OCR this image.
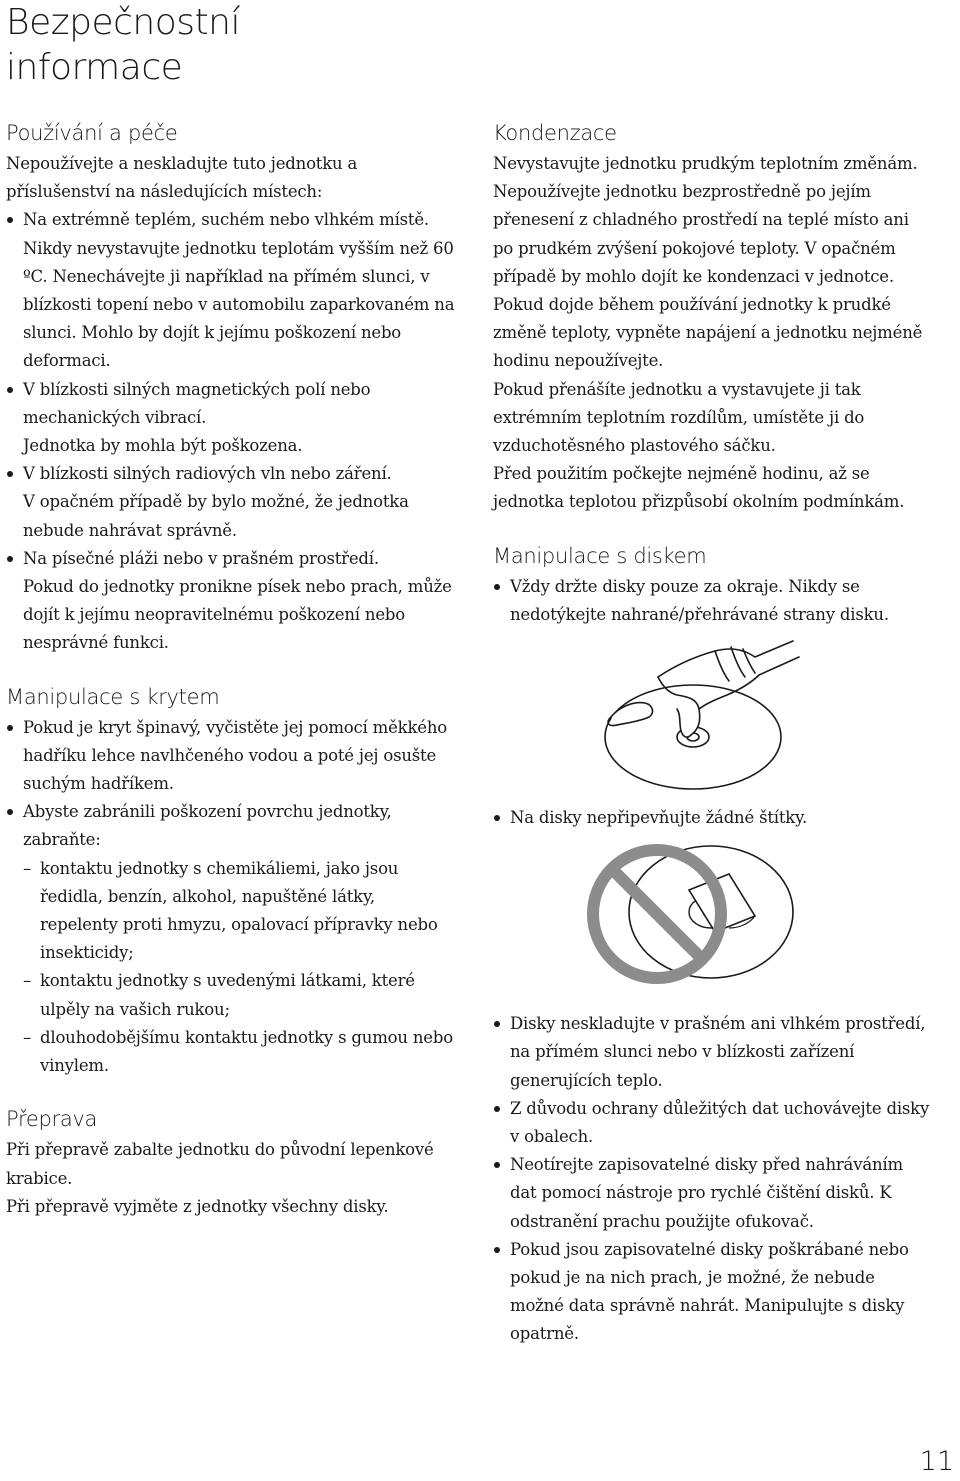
Bezpečnostní
informace
Používání a péče

Nepoužívejte a neskladujte tuto jednotku a příslušenství na následujících místech:

Na extrémně teplém, suchém nebo vlhkém místě.
Nikdy nevystavujte jednotku teplotám vyšším než 60 ºC. Nenechávejte ji například na přímém slunci, v blízkosti topení nebo v automobilu zaparkovaném na slunci. Mohlo by dojít k jejímu poškození nebo deformaci.
V blízkosti silných magnetických polí nebo mechanických vibrací.
Jednotka by mohla být poškozena.
V blízkosti silných radiových vln nebo záření.
V opačném případě by bylo možné, že jednotka nebude nahrávat správně.
Na písečné pláži nebo v prašném prostředí.
Pokud do jednotky pronikne písek nebo prach, může dojít k jejímu neopravitelnému poškození nebo nesprávné funkci.
Manipulace s krytem
Pokud je kryt špinavý, vyčistěte jej pomocí měkkého hadříku lehce navlhčeného vodou a poté jej osušte suchým hadříkem.
Abyste zabránili poškození povrchu jednotky, zabraňte:
– kontaktu jednotky s chemikáliemi, jako jsou ředidla, benzín, alkohol, napuštěné látky, repelenty proti hmyzu, opalovací přípravky nebo insekticidy;
– kontaktu jednotky s uvedenými látkami, které ulpěly na vašich rukou;
– dlouhodobějšímu kontaktu jednotky s gumou nebo vinylem.
Přeprava

Při přepravě zabalte jednotku do původní lepenkové krabice.

Při přepravě vyjměte z jednotky všechny disky.

Kondenzace

Nevystavujte jednotku prudkým teplotním změnám. Nepoužívejte jednotku bezprostředně po jejím přenesení z chladného prostředí na teplé místo ani po prudkém zvýšení pokojové teploty. V opačném případě by mohlo dojít ke kondenzaci v jednotce. Pokud dojde během používání jednotky k prudké změně teploty, vypněte napájení a jednotku nejméně hodinu nepoužívejte.

Pokud přenášíte jednotku a vystavujete ji tak extrémním teplotním rozdílům, umístěte ji do vzduchotěsného plastového sáčku.

Před použitím počkejte nejméně hodinu, až se jednotka teplotou přizpůsobí okolním podmínkám.

Manipulace s diskem
Vždy držte disky pouze za okraje. Nikdy se nedotýkejte nahrané/přehrávané strany disku.
Na disky nepřipevňujte žádné štítky.
Disky neskladujte v prašném ani vlhkém prostředí, na přímém slunci nebo v blízkosti zařízení generujících teplo.
Z důvodu ochrany důležitých dat uchovávejte disky v obalech.
Neotírejte zapisovatelné disky před nahráváním dat pomocí nástroje pro rychlé čištění disků. K odstranění prachu použijte ofukovač.
Pokud jsou zapisovatelné disky poškrábané nebo pokud je na nich prach, je možné, že nebude možné data správně nahrát. Manipulujte s disky opatrně.
11
